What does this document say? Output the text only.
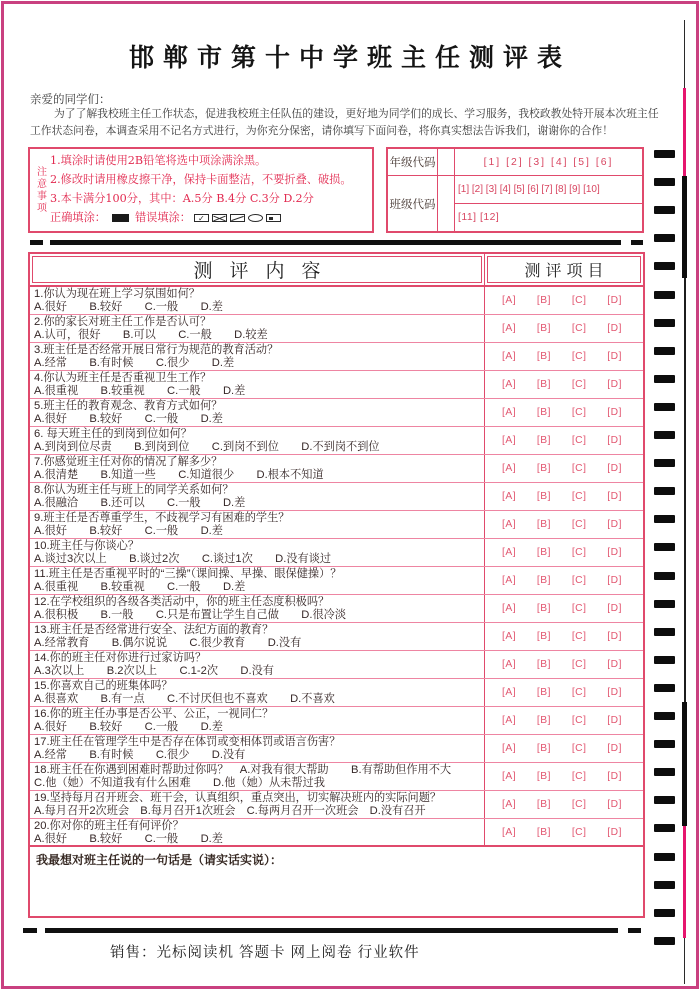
邯郸市第十中学班主任测评表
亲爱的同学们：
为了了解我校班主任工作状态，促进我校班主任队伍的建设，更好地为同学们的成长、学习服务，我校政教处特开展本次班主任工作状态问卷，本调查采用不记名方式进行，为你充分保密，请你填写下面问卷，将你真实想法告诉我们，谢谢你的合作！
注意事项
1.填涂时请使用2B铅笔将选中项涂满涂黑。
2.修改时请用橡皮擦干净，保持卡面整洁，不要折叠、破损。
3.本卡满分100分，其中：A.5分 B.4分 C.3分 D.2分
正确填涂：	错误填涂：
✓
年级代码	[1] [2] [3] [4] [5] [6]
班级代码
[1] [2] [3] [4] [5] [6] [7] [8] [9] [10]
[11] [12]
测评内容	测评项目
1.你认为现在班上学习氛围如何？
A.很好　　B.较好　　C.一般　　D.差
[A] [B] [C] [D]
2.你的家长对班主任工作是否认可？
A.认可，很好　　B.可以　　C.一般　　D.较差
[A] [B] [C] [D]
3.班主任是否经常开展日常行为规范的教育活动？
A.经常　　B.有时候　　C.很少　　D.差
[A] [B] [C] [D]
4.你认为班主任是否重视卫生工作？
A.很重视　　B.较重视　　C.一般　　D.差
[A] [B] [C] [D]
5.班主任的教育观念、教育方式如何？
A.很好　　B.较好　　C.一般　　D.差
[A] [B] [C] [D]
6. 每天班主任的到岗到位如何？
A.到岗到位尽责　　B.到岗到位　　C.到岗不到位　　D.不到岗不到位
[A] [B] [C] [D]
7.你感觉班主任对你的情况了解多少？
A.很清楚　　B.知道一些　　C.知道很少　　D.根本不知道
[A] [B] [C] [D]
8.你认为班主任与班上的同学关系如何？
A.很融洽　　B.还可以　　C.一般　　D.差
[A] [B] [C] [D]
9.班主任是否尊重学生，不歧视学习有困难的学生？
A.很好　　B.较好　　C.一般　　D.差
[A] [B] [C] [D]
10.班主任与你谈心？
A.谈过3次以上　　B.谈过2次　　C.谈过1次　　D.没有谈过
[A] [B] [C] [D]
11.班主任是否重视平时的“三操”（课间操、早操、眼保健操）？
A.很重视　　B.较重视　　C.一般　　D.差
[A] [B] [C] [D]
12.在学校组织的各级各类活动中，你的班主任态度积极吗？
A.很积极　　B.一般　　C.只是布置让学生自己做　　D.很冷淡
[A] [B] [C] [D]
13.班主任是否经常进行安全、法纪方面的教育？
A.经常教育　　B.偶尔说说　　C.很少教育　　D.没有
[A] [B] [C] [D]
14.你的班主任对你进行过家访吗？
A.3次以上　　B.2次以上　　C.1-2次　　D.没有
[A] [B] [C] [D]
15.你喜欢自己的班集体吗？
A.很喜欢　　B.有一点　　C.不讨厌但也不喜欢　　D.不喜欢
[A] [B] [C] [D]
16.你的班主任办事是否公平、公正，一视同仁？
A.很好　　B.较好　　C.一般　　D.差
[A] [B] [C] [D]
17.班主任在管理学生中是否存在体罚或变相体罚或语言伤害？
A.经常　　B.有时候　　C.很少　　D.没有
[A] [B] [C] [D]
18.班主任在你遇到困难时帮助过你吗？　A.对我有很大帮助　　B.有帮助但作用不大
C.他（她）不知道我有什么困难　　D.他（她）从未帮过我
[A] [B] [C] [D]
19.坚持每月召开班会、班干会，认真组织，重点突出，切实解决班内的实际问题？
A.每月召开2次班会　B.每月召开1次班会　C.每两月召开一次班会　D.没有召开
[A] [B] [C] [D]
20.你对你的班主任有何评价？
A.很好　　B.较好　　C.一般　　D.差
[A] [B] [C] [D]
我最想对班主任说的一句话是（请实话实说）：
销售：光标阅读机 答题卡 网上阅卷 行业软件
